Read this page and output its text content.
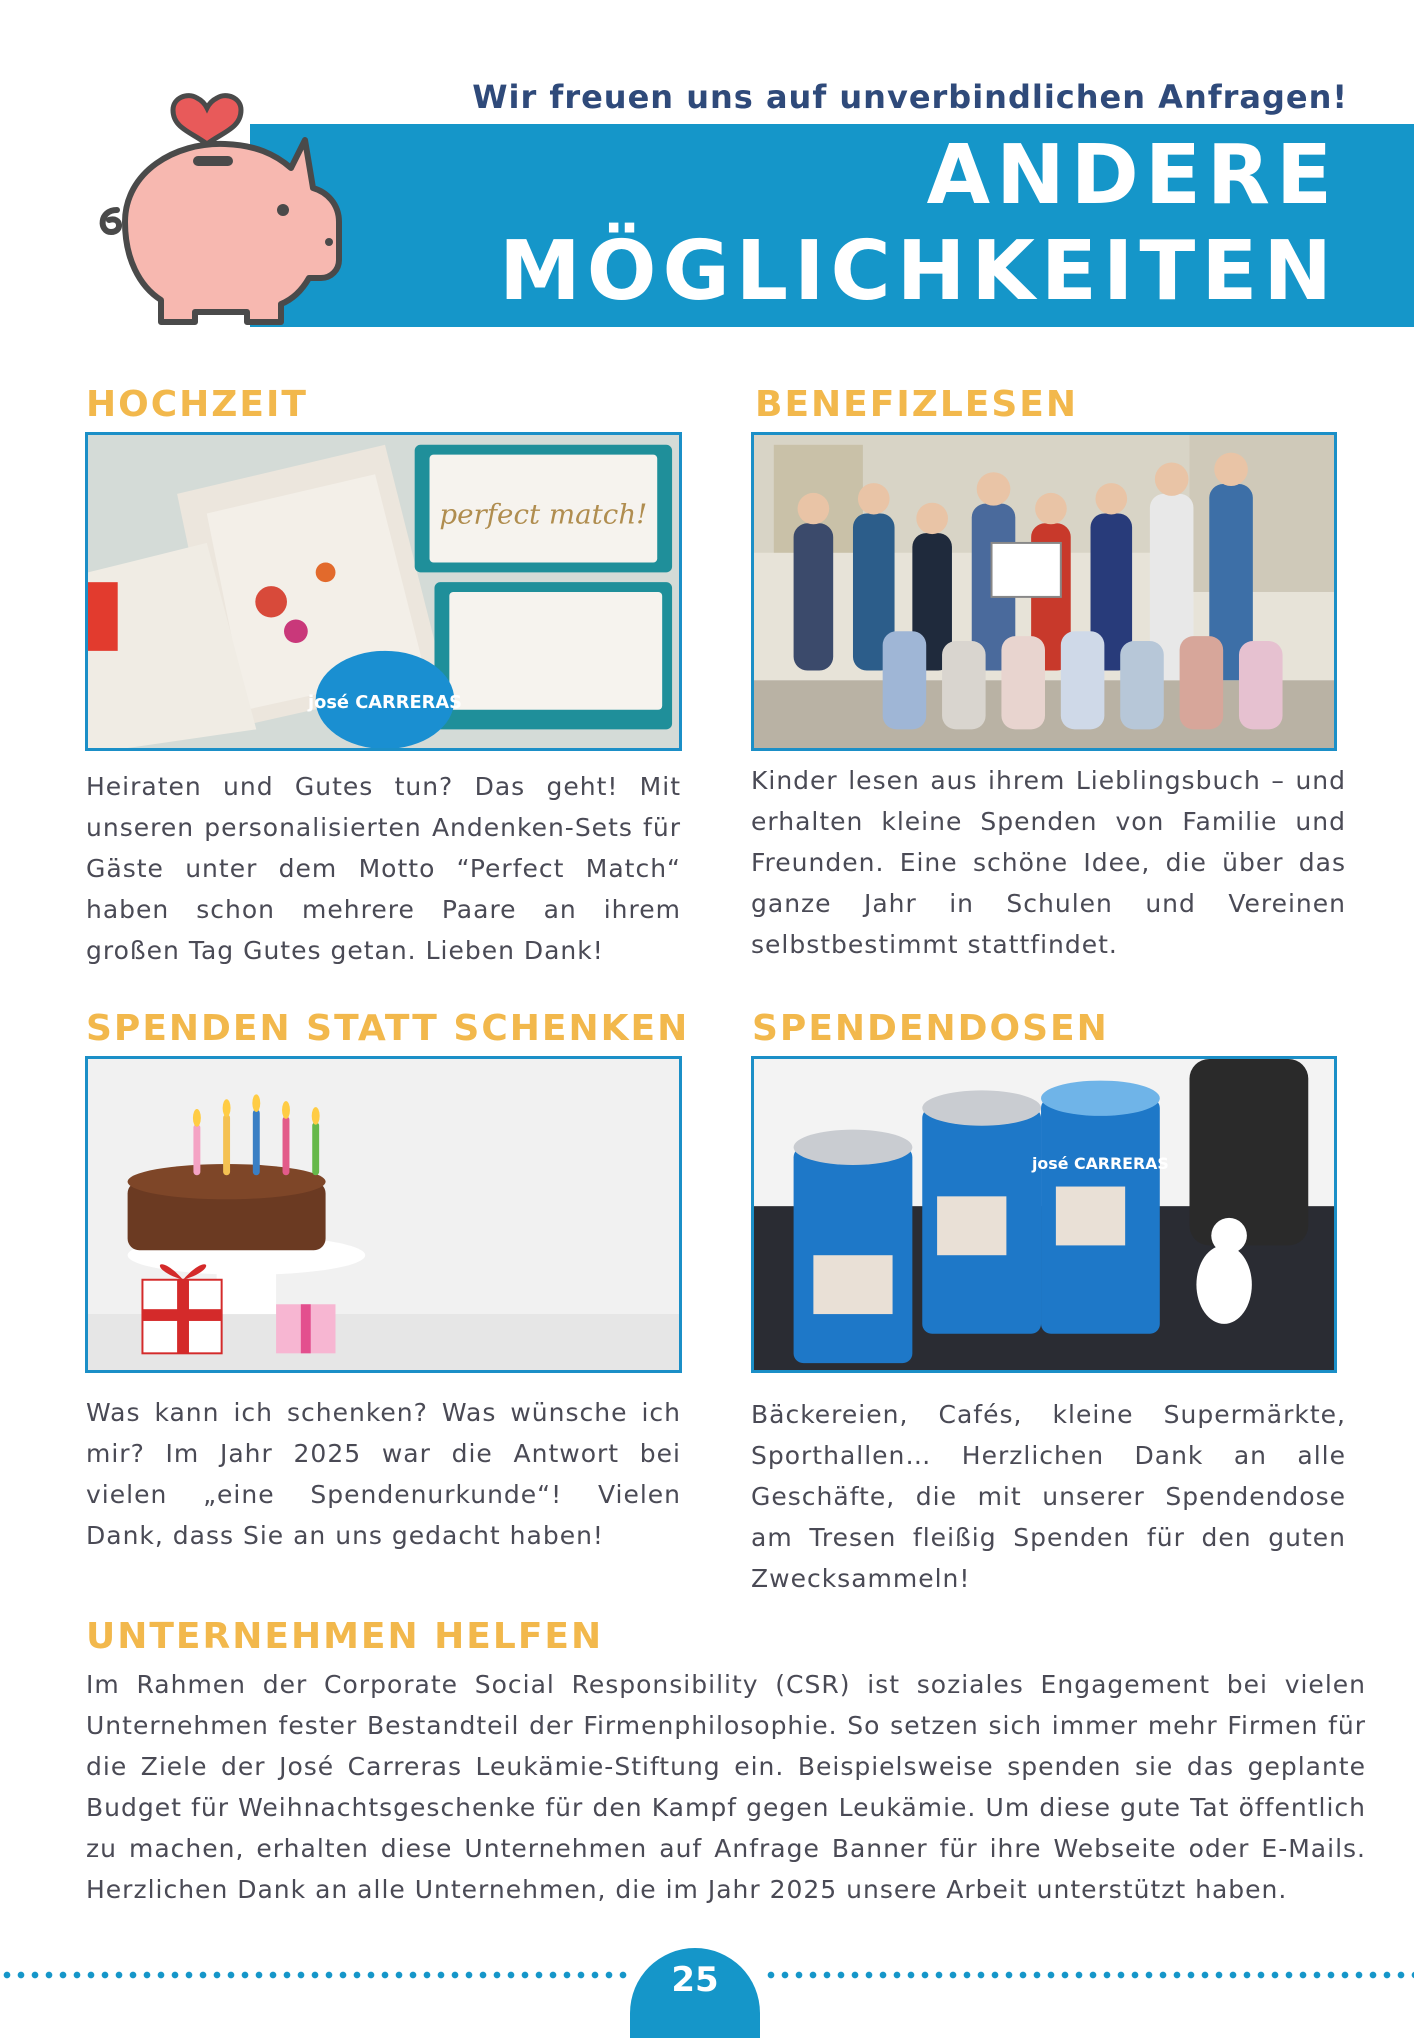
Wir freuen uns auf unverbindlichen Anfragen!
ANDERE
MÖGLICHKEITEN
HOCHZEIT
perfect match!
josé CARRERAS
Heiraten und Gutes tun? Das geht! Mit unseren personalisierten Andenken-Sets für Gäste unter dem Motto “Perfect Match“ haben schon mehrere Paare an ihrem großen Tag Gutes getan. Lieben Dank!
BENEFIZLESEN
Kinder lesen aus ihrem Lieblingsbuch – und erhalten kleine Spenden von Familie und Freunden. Eine schöne Idee, die über das ganze Jahr in Schulen und Vereinen selbstbestimmt stattfindet.
SPENDEN STATT SCHENKEN
Was kann ich schenken? Was wünsche ich mir? Im Jahr 2025 war die Antwort bei vielen „eine Spendenurkunde“! Vielen Dank, dass Sie an uns gedacht haben!
SPENDENDOSEN
josé CARRERAS
Bäckereien, Cafés, kleine Supermärkte, Sporthallen… Herzlichen Dank an alle Geschäfte, die mit unserer Spendendose am Tresen fleißig Spenden für den guten Zwecksammeln!
UNTERNEHMEN HELFEN
Im Rahmen der Corporate Social Responsibility (CSR) ist soziales Engagement bei vielen Unternehmen fester Bestandteil der Firmenphilosophie. So setzen sich immer mehr Firmen für die Ziele der José Carreras Leukämie-Stiftung ein. Beispielsweise spenden sie das geplante Budget für Weihnachtsgeschenke für den Kampf gegen Leukämie. Um diese gute Tat öffentlich zu machen, erhalten diese Unternehmen auf Anfrage Banner für ihre Webseite oder E-Mails. Herzlichen Dank an alle Unternehmen, die im Jahr 2025 unsere Arbeit unterstützt haben.
25
